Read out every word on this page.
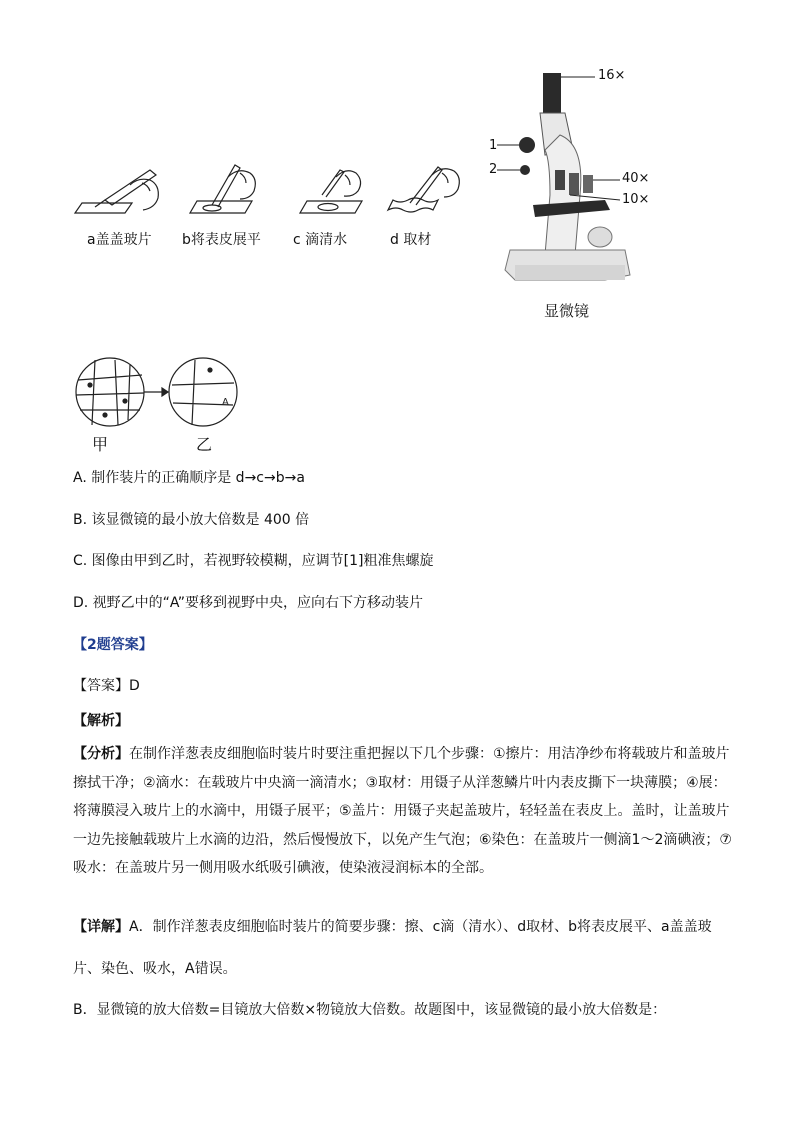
a盖盖玻片 b将表皮展平 c 滴清水	d 取材
16×
1
2
40×
10×
显微镜
A
甲	乙
A. 制作装片的正确顺序是 d→c→b→a
B. 该显微镜的最小放大倍数是 400 倍
C. 图像由甲到乙时，若视野较模糊，应调节[1]粗准焦螺旋
D. 视野乙中的“A”要移到视野中央，应向右下方移动装片
【2题答案】
【答案】D
【解析】
【分析】在制作洋葱表皮细胞临时装片时要注重把握以下几个步骤：①擦片：用洁净纱布将载玻片和盖玻片擦拭干净；②滴水：在载玻片中央滴一滴清水；③取材：用镊子从洋葱鳞片叶内表皮撕下一块薄膜；④展：将薄膜浸入玻片上的水滴中，用镊子展平；⑤盖片：用镊子夹起盖玻片，轻轻盖在表皮上。盖时，让盖玻片一边先接触载玻片上水滴的边沿，然后慢慢放下，以免产生气泡；⑥染色：在盖玻片一侧滴1～2滴碘液；⑦吸水：在盖玻片另一侧用吸水纸吸引碘液，使染液浸润标本的全部。
【详解】A．制作洋葱表皮细胞临时装片的简要步骤：擦、c滴（清水）、d取材、b将表皮展平、a盖盖玻片、染色、吸水，A错误。
B．显微镜的放大倍数=目镜放大倍数×物镜放大倍数。故题图中，该显微镜的最小放大倍数是：
